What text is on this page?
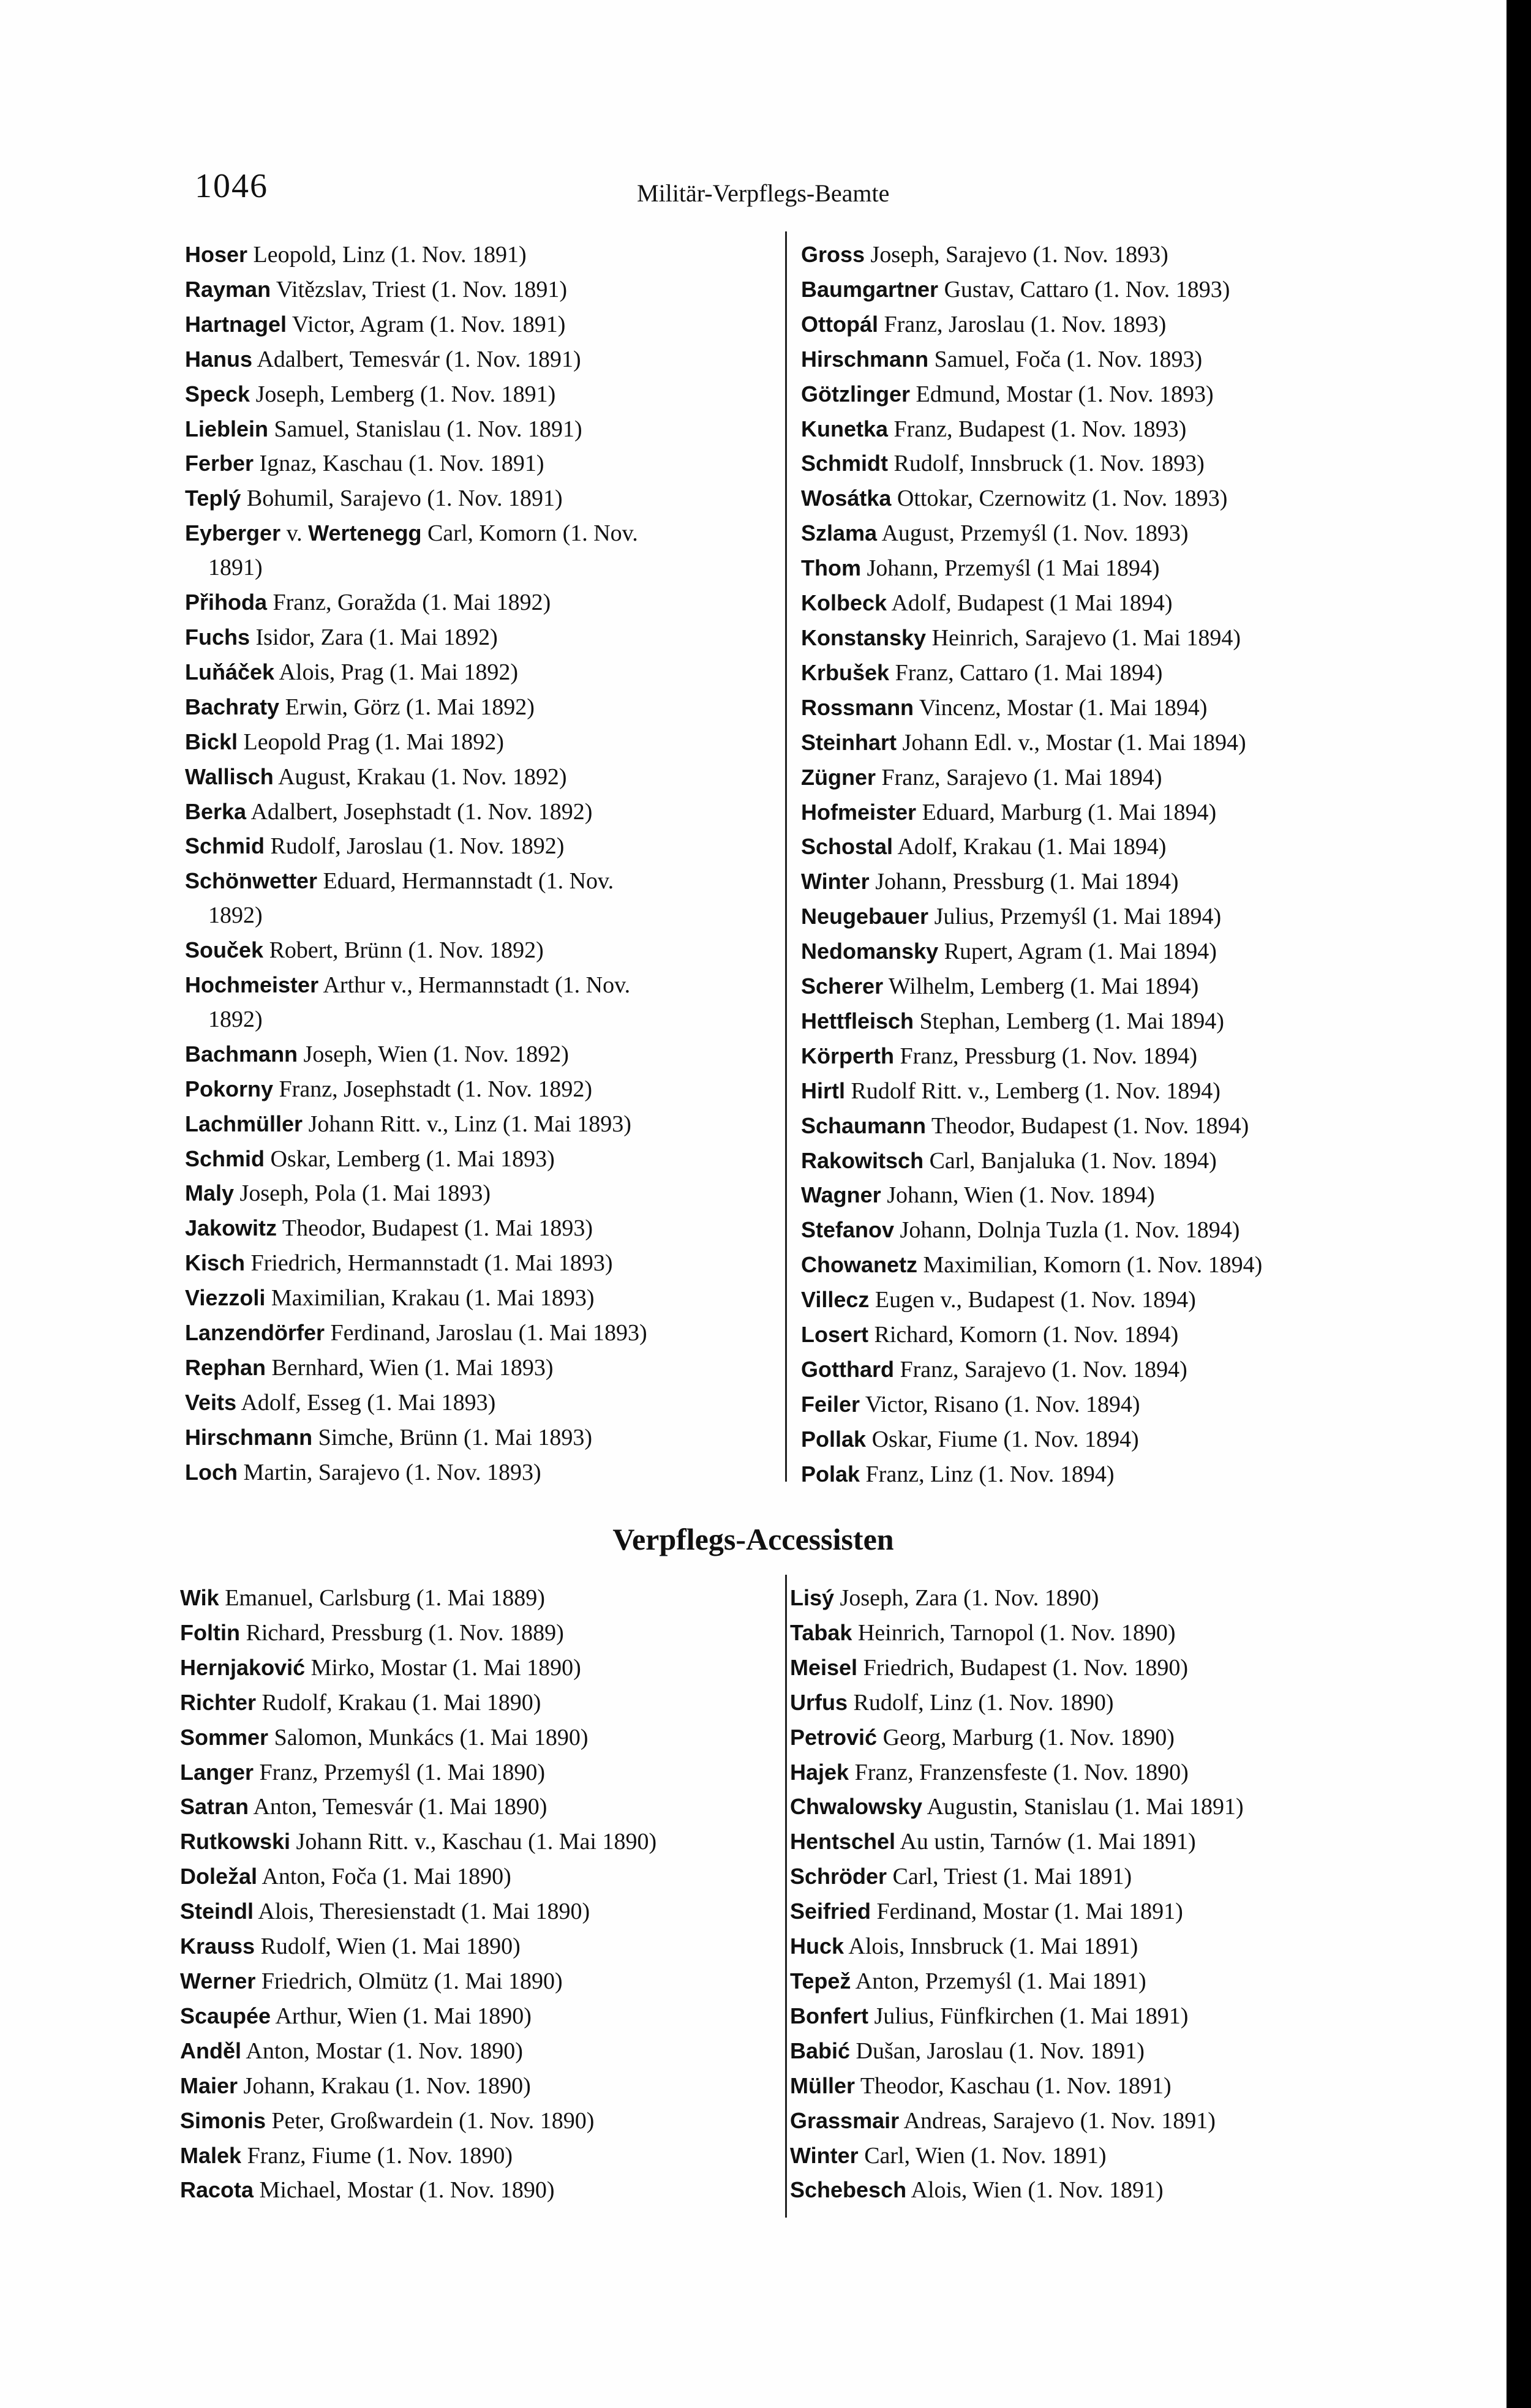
1046	Militär-Verpflegs-Beamte
Hoser Leopold, Linz (1. Nov. 1891)
Rayman Vitězslav, Triest (1. Nov. 1891)
Hartnagel Victor, Agram (1. Nov. 1891)
Hanus Adalbert, Temesvár (1. Nov. 1891)
Speck Joseph, Lemberg (1. Nov. 1891)
Lieblein Samuel, Stanislau (1. Nov. 1891)
Ferber Ignaz, Kaschau (1. Nov. 1891)
Teplý Bohumil, Sarajevo (1. Nov. 1891)
Eyberger v. Wertenegg Carl, Komorn (1. Nov.
1891)
Přihoda Franz, Goražda (1. Mai 1892)
Fuchs Isidor, Zara (1. Mai 1892)
Luňáček Alois, Prag (1. Mai 1892)
Bachraty Erwin, Görz (1. Mai 1892)
Bickl Leopold Prag (1. Mai 1892)
Wallisch August, Krakau (1. Nov. 1892)
Berka Adalbert, Josephstadt (1. Nov. 1892)
Schmid Rudolf, Jaroslau (1. Nov. 1892)
Schönwetter Eduard, Hermannstadt (1. Nov.
1892)
Souček Robert, Brünn (1. Nov. 1892)
Hochmeister Arthur v., Hermannstadt (1. Nov.
1892)
Bachmann Joseph, Wien (1. Nov. 1892)
Pokorny Franz, Josephstadt (1. Nov. 1892)
Lachmüller Johann Ritt. v., Linz (1. Mai 1893)
Schmid Oskar, Lemberg (1. Mai 1893)
Maly Joseph, Pola (1. Mai 1893)
Jakowitz Theodor, Budapest (1. Mai 1893)
Kisch Friedrich, Hermannstadt (1. Mai 1893)
Viezzoli Maximilian, Krakau (1. Mai 1893)
Lanzendörfer Ferdinand, Jaroslau (1. Mai 1893)
Rephan Bernhard, Wien (1. Mai 1893)
Veits Adolf, Esseg (1. Mai 1893)
Hirschmann Simche, Brünn (1. Mai 1893)
Loch Martin, Sarajevo (1. Nov. 1893)
Gross Joseph, Sarajevo (1. Nov. 1893)
Baumgartner Gustav, Cattaro (1. Nov. 1893)
Ottopál Franz, Jaroslau (1. Nov. 1893)
Hirschmann Samuel, Foča (1. Nov. 1893)
Götzlinger Edmund, Mostar (1. Nov. 1893)
Kunetka Franz, Budapest (1. Nov. 1893)
Schmidt Rudolf, Innsbruck (1. Nov. 1893)
Wosátka Ottokar, Czernowitz (1. Nov. 1893)
Szlama August, Przemyśl (1. Nov. 1893)
Thom Johann, Przemyśl (1 Mai 1894)
Kolbeck Adolf, Budapest (1 Mai 1894)
Konstansky Heinrich, Sarajevo (1. Mai 1894)
Krbušek Franz, Cattaro (1. Mai 1894)
Rossmann Vincenz, Mostar (1. Mai 1894)
Steinhart Johann Edl. v., Mostar (1. Mai 1894)
Zügner Franz, Sarajevo (1. Mai 1894)
Hofmeister Eduard, Marburg (1. Mai 1894)
Schostal Adolf, Krakau (1. Mai 1894)
Winter Johann, Pressburg (1. Mai 1894)
Neugebauer Julius, Przemyśl (1. Mai 1894)
Nedomansky Rupert, Agram (1. Mai 1894)
Scherer Wilhelm, Lemberg (1. Mai 1894)
Hettfleisch Stephan, Lemberg (1. Mai 1894)
Körperth Franz, Pressburg (1. Nov. 1894)
Hirtl Rudolf Ritt. v., Lemberg (1. Nov. 1894)
Schaumann Theodor, Budapest (1. Nov. 1894)
Rakowitsch Carl, Banjaluka (1. Nov. 1894)
Wagner Johann, Wien (1. Nov. 1894)
Stefanov Johann, Dolnja Tuzla (1. Nov. 1894)
Chowanetz Maximilian, Komorn (1. Nov. 1894)
Villecz Eugen v., Budapest (1. Nov. 1894)
Losert Richard, Komorn (1. Nov. 1894)
Gotthard Franz, Sarajevo (1. Nov. 1894)
Feiler Victor, Risano (1. Nov. 1894)
Pollak Oskar, Fiume (1. Nov. 1894)
Polak Franz, Linz (1. Nov. 1894)
Verpflegs-Accessisten
Wik Emanuel, Carlsburg (1. Mai 1889)
Foltin Richard, Pressburg (1. Nov. 1889)
Hernjaković Mirko, Mostar (1. Mai 1890)
Richter Rudolf, Krakau (1. Mai 1890)
Sommer Salomon, Munkács (1. Mai 1890)
Langer Franz, Przemyśl (1. Mai 1890)
Satran Anton, Temesvár (1. Mai 1890)
Rutkowski Johann Ritt. v., Kaschau (1. Mai 1890)
Doležal Anton, Foča (1. Mai 1890)
Steindl Alois, Theresienstadt (1. Mai 1890)
Krauss Rudolf, Wien (1. Mai 1890)
Werner Friedrich, Olmütz (1. Mai 1890)
Scaupée Arthur, Wien (1. Mai 1890)
Anděl Anton, Mostar (1. Nov. 1890)
Maier Johann, Krakau (1. Nov. 1890)
Simonis Peter, Großwardein (1. Nov. 1890)
Malek Franz, Fiume (1. Nov. 1890)
Racota Michael, Mostar (1. Nov. 1890)
Lisý Joseph, Zara (1. Nov. 1890)
Tabak Heinrich, Tarnopol (1. Nov. 1890)
Meisel Friedrich, Budapest (1. Nov. 1890)
Urfus Rudolf, Linz (1. Nov. 1890)
Petrović Georg, Marburg (1. Nov. 1890)
Hajek Franz, Franzensfeste (1. Nov. 1890)
Chwalowsky Augustin, Stanislau (1. Mai 1891)
Hentschel Au ustin, Tarnów (1. Mai 1891)
Schröder Carl, Triest (1. Mai 1891)
Seifried Ferdinand, Mostar (1. Mai 1891)
Huck Alois, Innsbruck (1. Mai 1891)
Tepež Anton, Przemyśl (1. Mai 1891)
Bonfert Julius, Fünfkirchen (1. Mai 1891)
Babić Dušan, Jaroslau (1. Nov. 1891)
Müller Theodor, Kaschau (1. Nov. 1891)
Grassmair Andreas, Sarajevo (1. Nov. 1891)
Winter Carl, Wien (1. Nov. 1891)
Schebesch Alois, Wien (1. Nov. 1891)
